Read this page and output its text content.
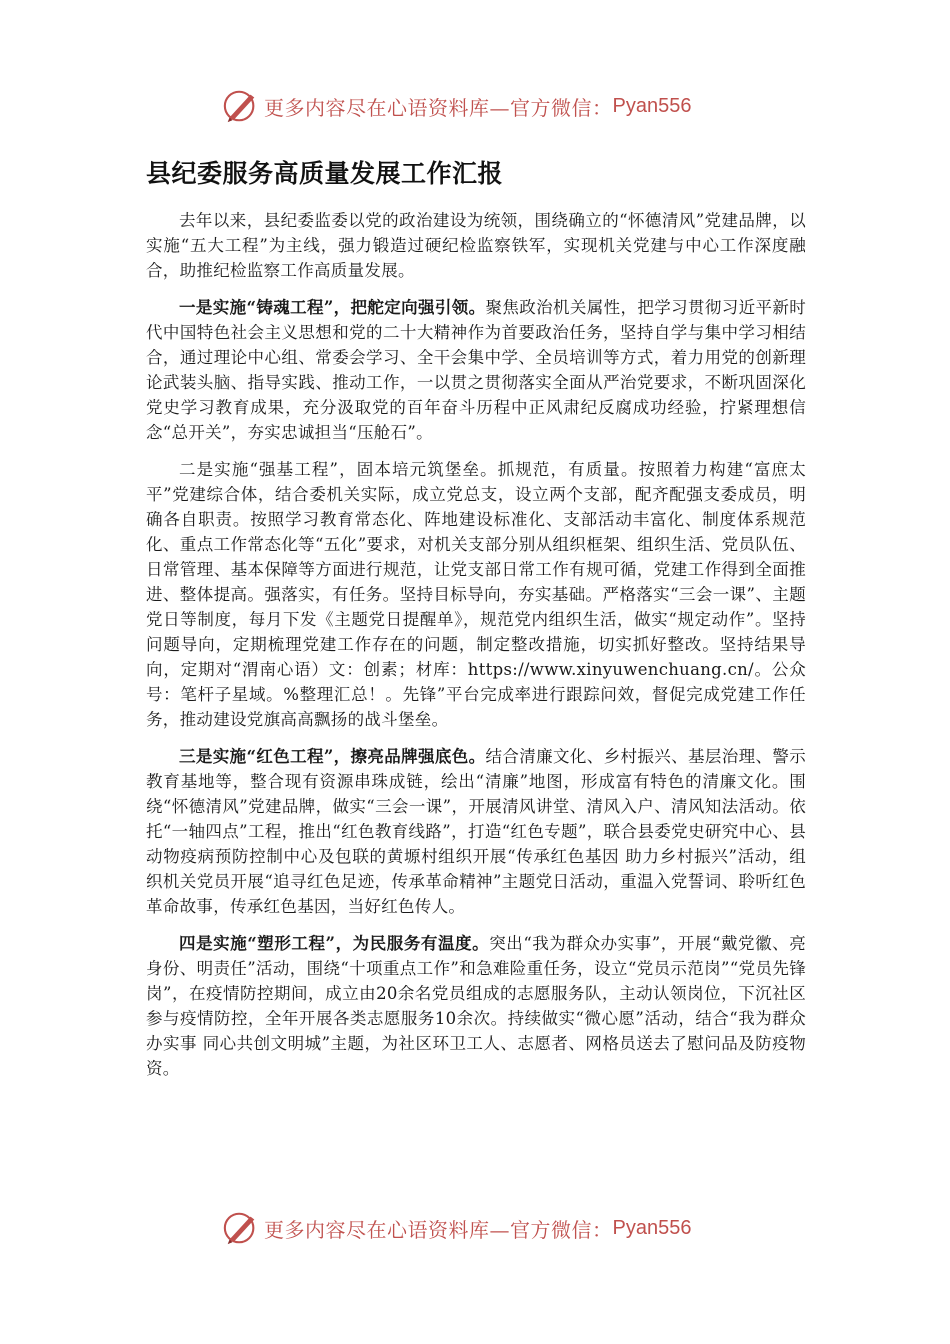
更多内容尽在心语资料库—官方微信： Pyan556
县纪委服务高质量发展工作汇报

去年以来，县纪委监委以党的政治建设为统领，围绕确立的“怀德清风”党建品牌，以实施“五大工程”为主线，强力锻造过硬纪检监察铁军，实现机关党建与中心工作深度融合，助推纪检监察工作高质量发展。

一是实施“铸魂工程”，把舵定向强引领。聚焦政治机关属性，把学习贯彻习近平新时代中国特色社会主义思想和党的二十大精神作为首要政治任务，坚持自学与集中学习相结合，通过理论中心组、常委会学习、全干会集中学、全员培训等方式，着力用党的创新理论武装头脑、指导实践、推动工作，一以贯之贯彻落实全面从严治党要求，不断巩固深化党史学习教育成果，充分汲取党的百年奋斗历程中正风肃纪反腐成功经验，拧紧理想信念“总开关”，夯实忠诚担当“压舱石”。

二是实施“强基工程”，固本培元筑堡垒。抓规范，有质量。按照着力构建“富庶太平”党建综合体，结合委机关实际，成立党总支，设立两个支部，配齐配强支委成员，明确各自职责。按照学习教育常态化、阵地建设标准化、支部活动丰富化、制度体系规范化、重点工作常态化等“五化”要求，对机关支部分别从组织框架、组织生活、党员队伍、日常管理、基本保障等方面进行规范，让党支部日常工作有规可循，党建工作得到全面推进、整体提高。强落实，有任务。坚持目标导向，夯实基础。严格落实“三会一课”、主题党日等制度，每月下发《主题党日提醒单》，规范党内组织生活，做实“规定动作”。坚持问题导向，定期梳理党建工作存在的问题，制定整改措施，切实抓好整改。坚持结果导向，定期对“渭南心语）文：创素；材库：https://www.xinyuwenchuang.cn/。公众号：笔杆子星域。%整理汇总！。先锋”平台完成率进行跟踪问效，督促完成党建工作任务，推动建设党旗高高飘扬的战斗堡垒。

三是实施“红色工程”，擦亮品牌强底色。结合清廉文化、乡村振兴、基层治理、警示教育基地等，整合现有资源串珠成链，绘出“清廉”地图，形成富有特色的清廉文化。围绕“怀德清风”党建品牌，做实“三会一课”，开展清风讲堂、清风入户、清风知法活动。依托“一轴四点”工程，推出“红色教育线路”，打造“红色专题”，联合县委党史研究中心、县动物疫病预防控制中心及包联的黄塬村组织开展“传承红色基因 助力乡村振兴”活动，组织机关党员开展“追寻红色足迹，传承革命精神”主题党日活动，重温入党誓词、聆听红色革命故事，传承红色基因，当好红色传人。

四是实施“塑形工程”，为民服务有温度。突出“我为群众办实事”，开展“戴党徽、亮身份、明责任”活动，围绕“十项重点工作”和急难险重任务，设立“党员示范岗”“党员先锋岗”，在疫情防控期间，成立由20余名党员组成的志愿服务队，主动认领岗位，下沉社区参与疫情防控，全年开展各类志愿服务10余次。持续做实“微心愿”活动，结合“我为群众办实事 同心共创文明城”主题，为社区环卫工人、志愿者、网格员送去了慰问品及防疫物资。

更多内容尽在心语资料库—官方微信： Pyan556
